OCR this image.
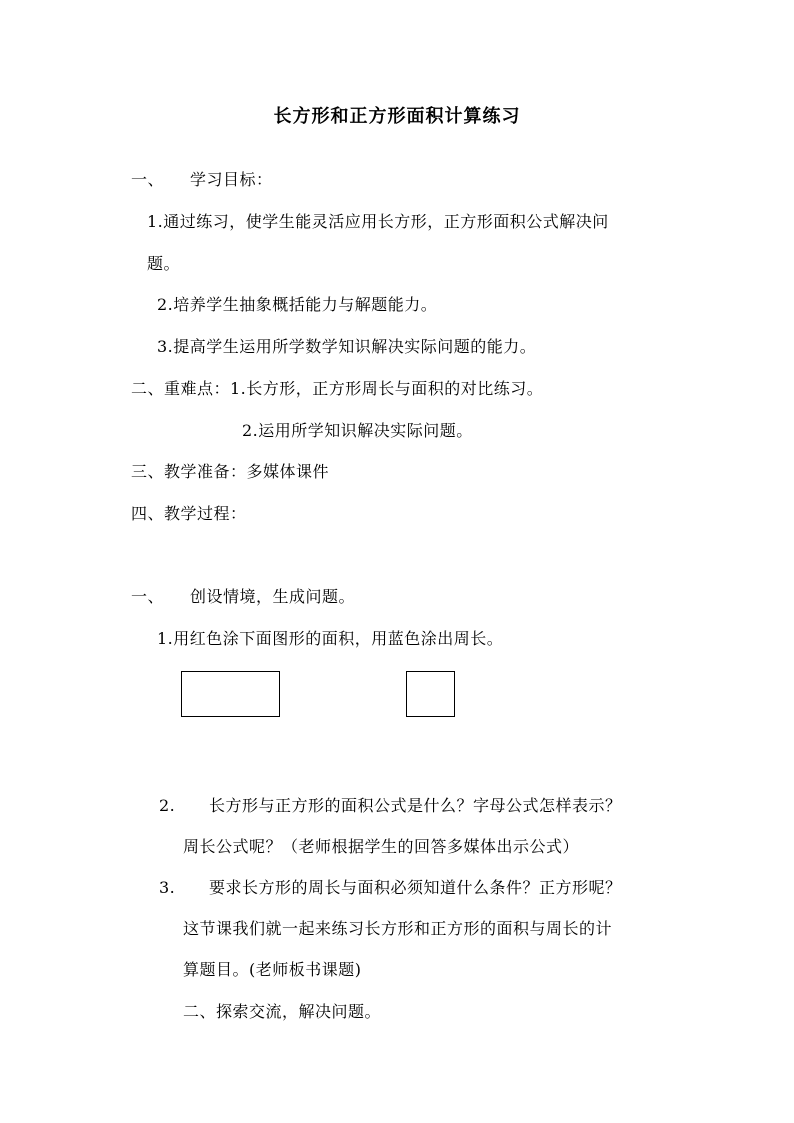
长方形和正方形面积计算练习
一、 学习目标：
1.通过练习，使学生能灵活应用长方形，正方形面积公式解决问
题。
2.培养学生抽象概括能力与解题能力。
3.提高学生运用所学数学知识解决实际问题的能力。
二、重难点：1.长方形，正方形周长与面积的对比练习。
2.运用所学知识解决实际问题。
三、教学准备：多媒体课件
四、教学过程：
一、 创设情境，生成问题。
1.用红色涂下面图形的面积，用蓝色涂出周长。
2. 长方形与正方形的面积公式是什么？字母公式怎样表示？
周长公式呢？（老师根据学生的回答多媒体出示公式）
3. 要求长方形的周长与面积必须知道什么条件？正方形呢？
这节课我们就一起来练习长方形和正方形的面积与周长的计
算题目。(老师板书课题)
二、探索交流，解决问题。
